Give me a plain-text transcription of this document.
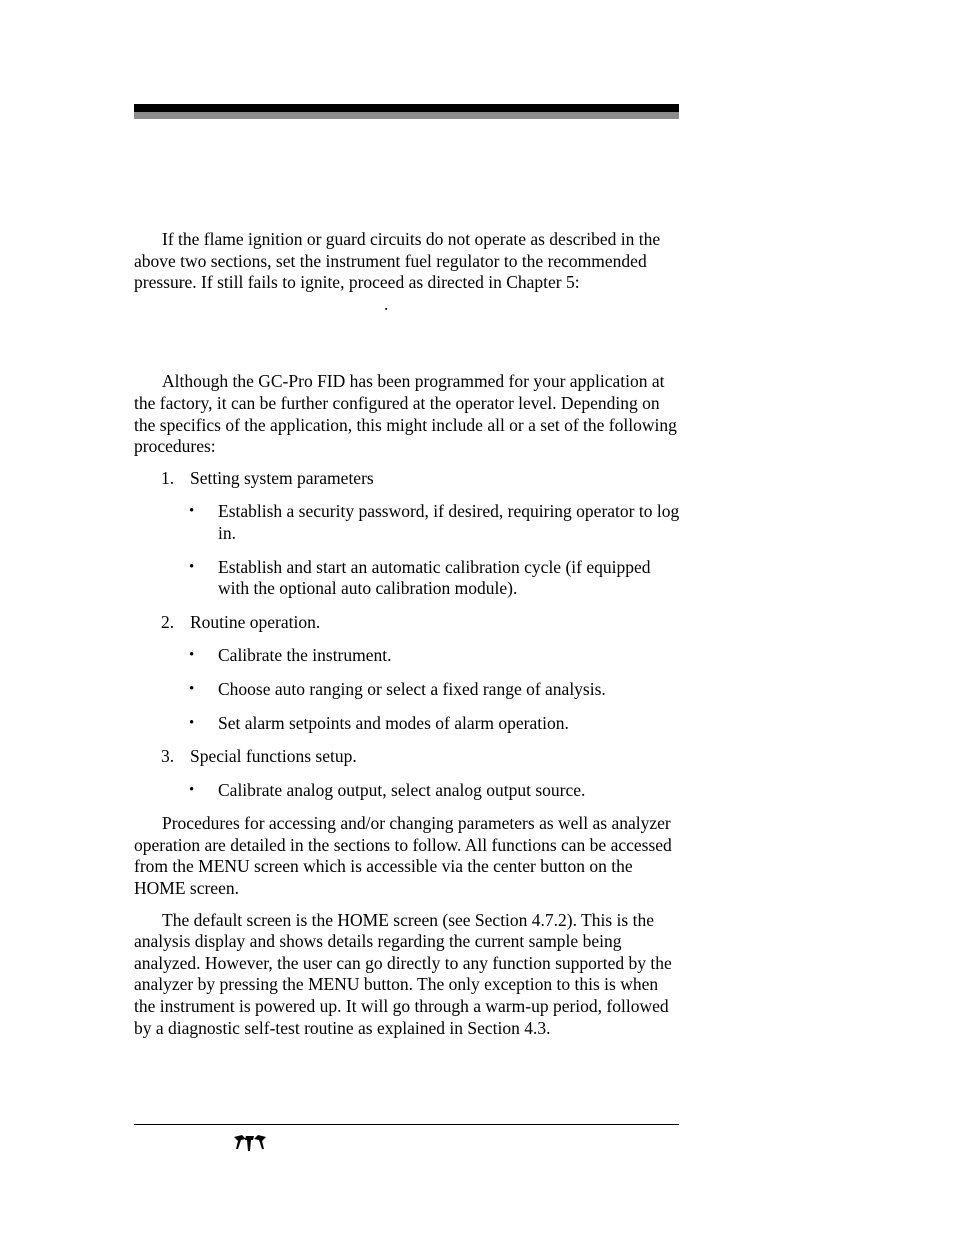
If the flame ignition or guard circuits do not operate as described in the above two sections, set the instrument fuel regulator to the recommended pressure. If still fails to ignite, proceed as directed in Chapter 5:.

Although the GC-Pro FID has been programmed for your application at the factory, it can be further configured at the operator level. Depending on the specifics of the application, this might include all or a set of the following procedures:

1. Setting system parameters
• Establish a security password, if desired, requiring operator to log in.
• Establish and start an automatic calibration cycle (if equipped with the optional auto calibration module).
2. Routine operation.
• Calibrate the instrument.
• Choose auto ranging or select a fixed range of analysis.
• Set alarm setpoints and modes of alarm operation.
3. Special functions setup.
• Calibrate analog output, select analog output source.

Procedures for accessing and/or changing parameters as well as analyzer operation are detailed in the sections to follow. All functions can be accessed from the MENU screen which is accessible via the center button on the HOME screen.

The default screen is the HOME screen (see Section 4.7.2). This is the analysis display and shows details regarding the current sample being analyzed. However, the user can go directly to any function supported by the analyzer by pressing the MENU button. The only exception to this is when the instrument is powered up. It will go through a warm-up period, followed by a diagnostic self-test routine as explained in Section 4.3.
